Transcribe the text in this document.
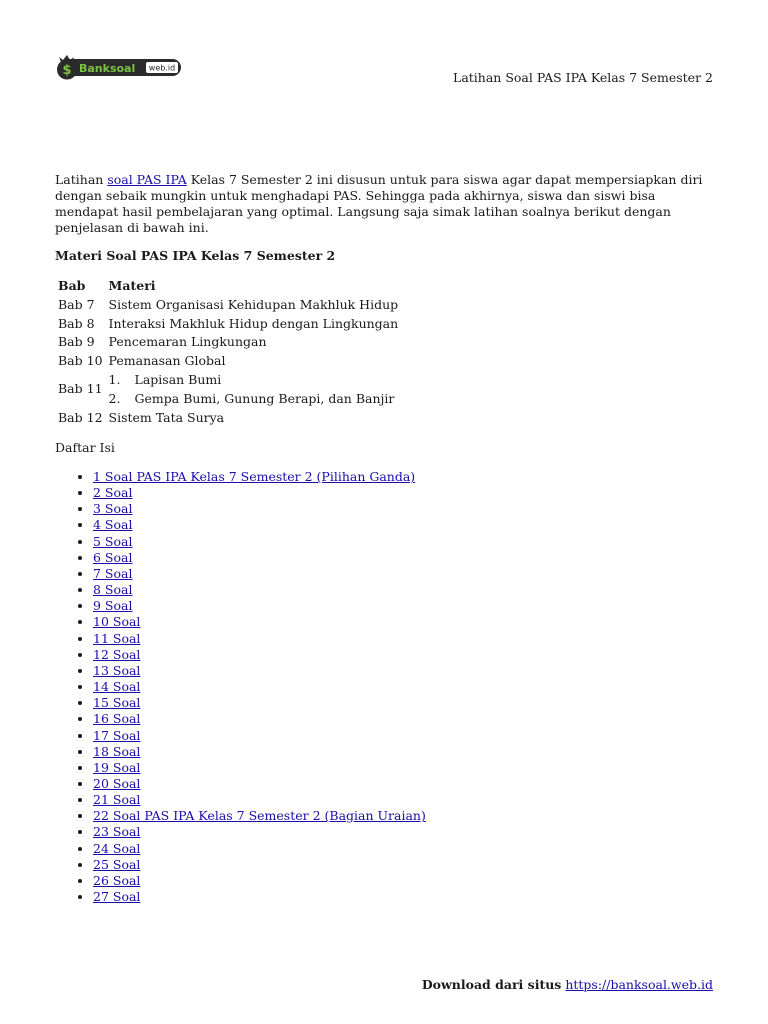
$ Banksoal web.id
Latihan Soal PAS IPA Kelas 7 Semester 2

Latihan soal PAS IPA Kelas 7 Semester 2 ini disusun untuk para siswa agar dapat mempersiapkan diri dengan sebaik mungkin untuk menghadapi PAS. Sehingga pada akhirnya, siswa dan siswi bisa mendapat hasil pembelajaran yang optimal. Langsung saja simak latihan soalnya berikut dengan penjelasan di bawah ini.

Materi Soal PAS IPA Kelas 7 Semester 2
Bab	Materi
Bab 7	Sistem Organisasi Kehidupan Makhluk Hidup
Bab 8	Interaksi Makhluk Hidup dengan Lingkungan
Bab 9	Pencemaran Lingkungan
Bab 10	Pemanasan Global
Bab 11	1. Lapisan Bumi
2. Gempa Bumi, Gunung Berapi, dan Banjir

Bab 12	Sistem Tata Surya

Daftar Isi

• 1 Soal PAS IPA Kelas 7 Semester 2 (Pilihan Ganda)
• 2 Soal
• 3 Soal
• 4 Soal
• 5 Soal
• 6 Soal
• 7 Soal
• 8 Soal
• 9 Soal
• 10 Soal
• 11 Soal
• 12 Soal
• 13 Soal
• 14 Soal
• 15 Soal
• 16 Soal
• 17 Soal
• 18 Soal
• 19 Soal
• 20 Soal
• 21 Soal
• 22 Soal PAS IPA Kelas 7 Semester 2 (Bagian Uraian)
• 23 Soal
• 24 Soal
• 25 Soal
• 26 Soal
• 27 Soal
Download dari situs https://banksoal.web.id
